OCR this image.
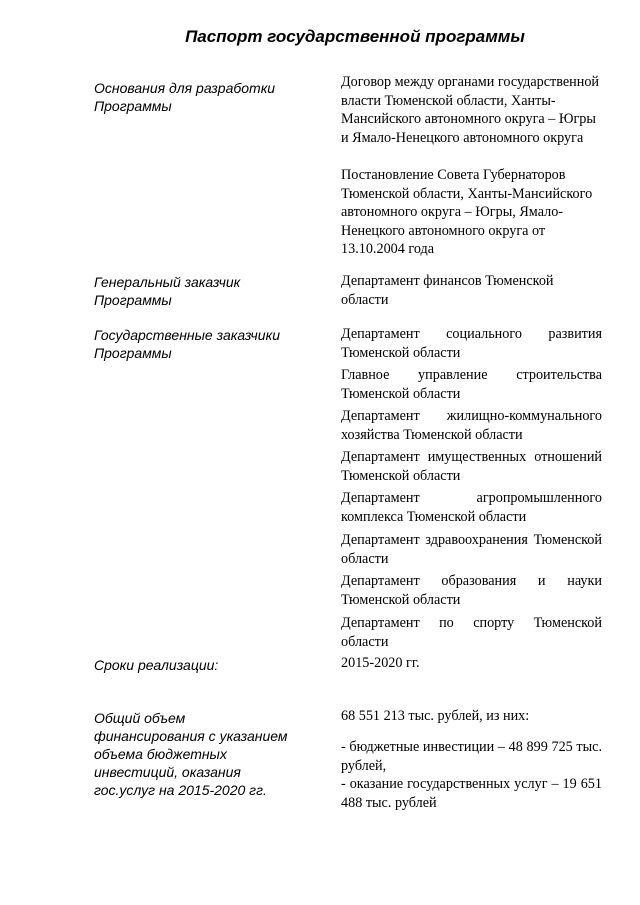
Паспорт государственной программы
Основания для разработки Программы
Договор между органами государственной власти Тюменской области, Ханты-Мансийского автономного округа – Югры и Ямало-Ненецкого автономного округа
Постановление Совета Губернаторов Тюменской области, Ханты-Мансийского автономного округа – Югры, Ямало-Ненецкого автономного округа от 13.10.2004 года
Генеральный заказчик Программы
Департамент финансов Тюменской области
Государственные заказчики Программы
Департамент социального развития Тюменской области
Главное управление строительства Тюменской области
Департамент жилищно-коммунального хозяйства Тюменской области
Департамент имущественных отношений Тюменской области
Департамент агропромышленного комплекса Тюменской области
Департамент здравоохранения Тюменской области
Департамент образования и науки Тюменской области
Департамент по спорту Тюменской области
Сроки реализации:	2015-2020 гг.
Общий объем финансирования с указанием объема бюджетных инвестиций, оказания гос.услуг на 2015-2020 гг.
68 551 213 тыс. рублей, из них:
- бюджетные инвестиции – 48 899 725 тыс. рублей,
- оказание государственных услуг – 19 651 488 тыс. рублей
